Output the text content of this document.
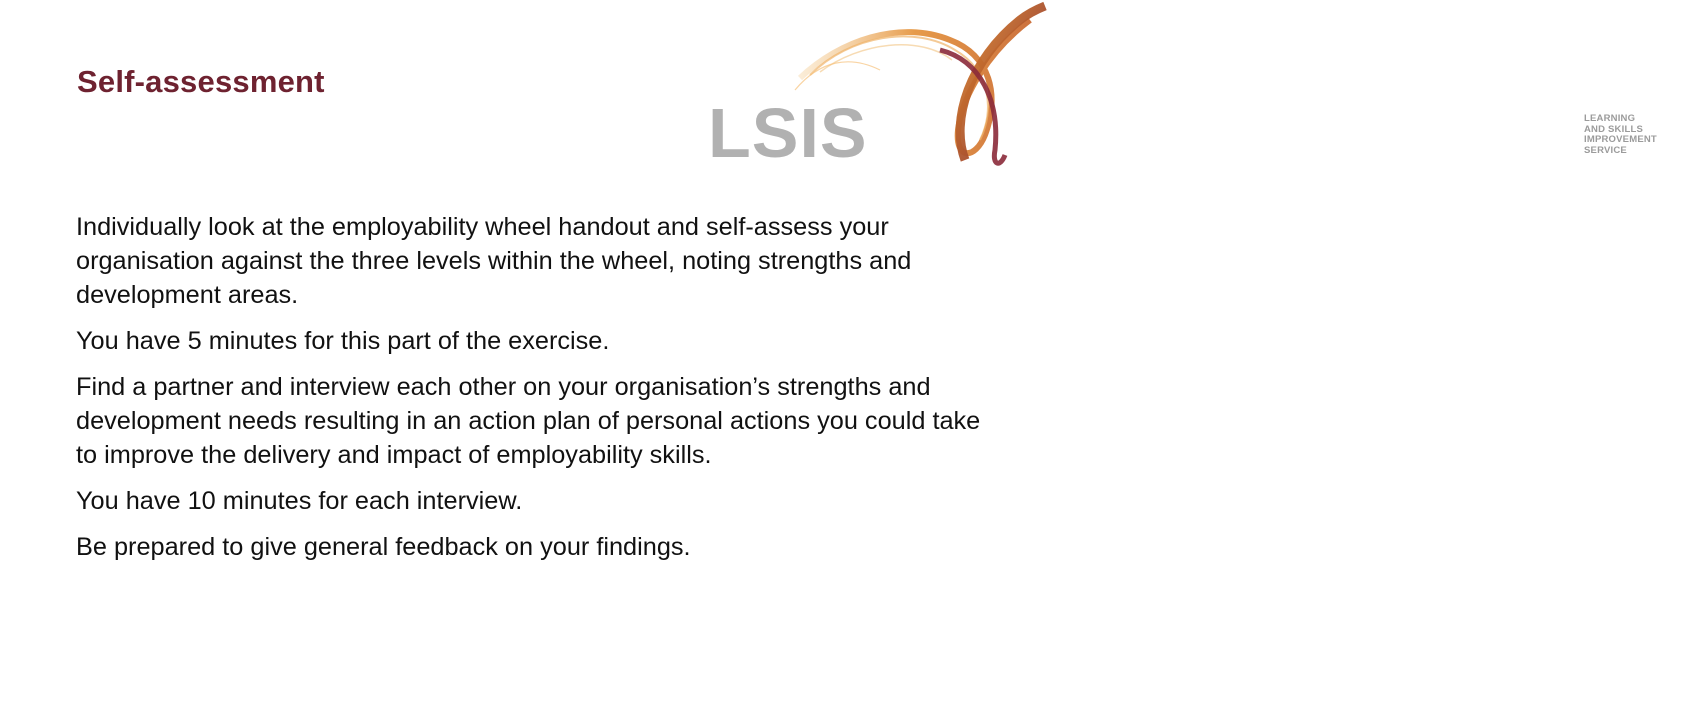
Self-assessment
LSIS	LEARNING
AND SKILLS
IMPROVEMENT
SERVICE

Individually look at the employability wheel handout and self-assess your organisation against the three levels within the wheel, noting strengths and development areas.

You have 5 minutes for this part of the exercise.

Find a partner and interview each other on your organisation’s strengths and development needs resulting in an action plan of personal actions you could take to improve the delivery and impact of employability skills.

You have 10 minutes for each interview.

Be prepared to give general feedback on your findings.
